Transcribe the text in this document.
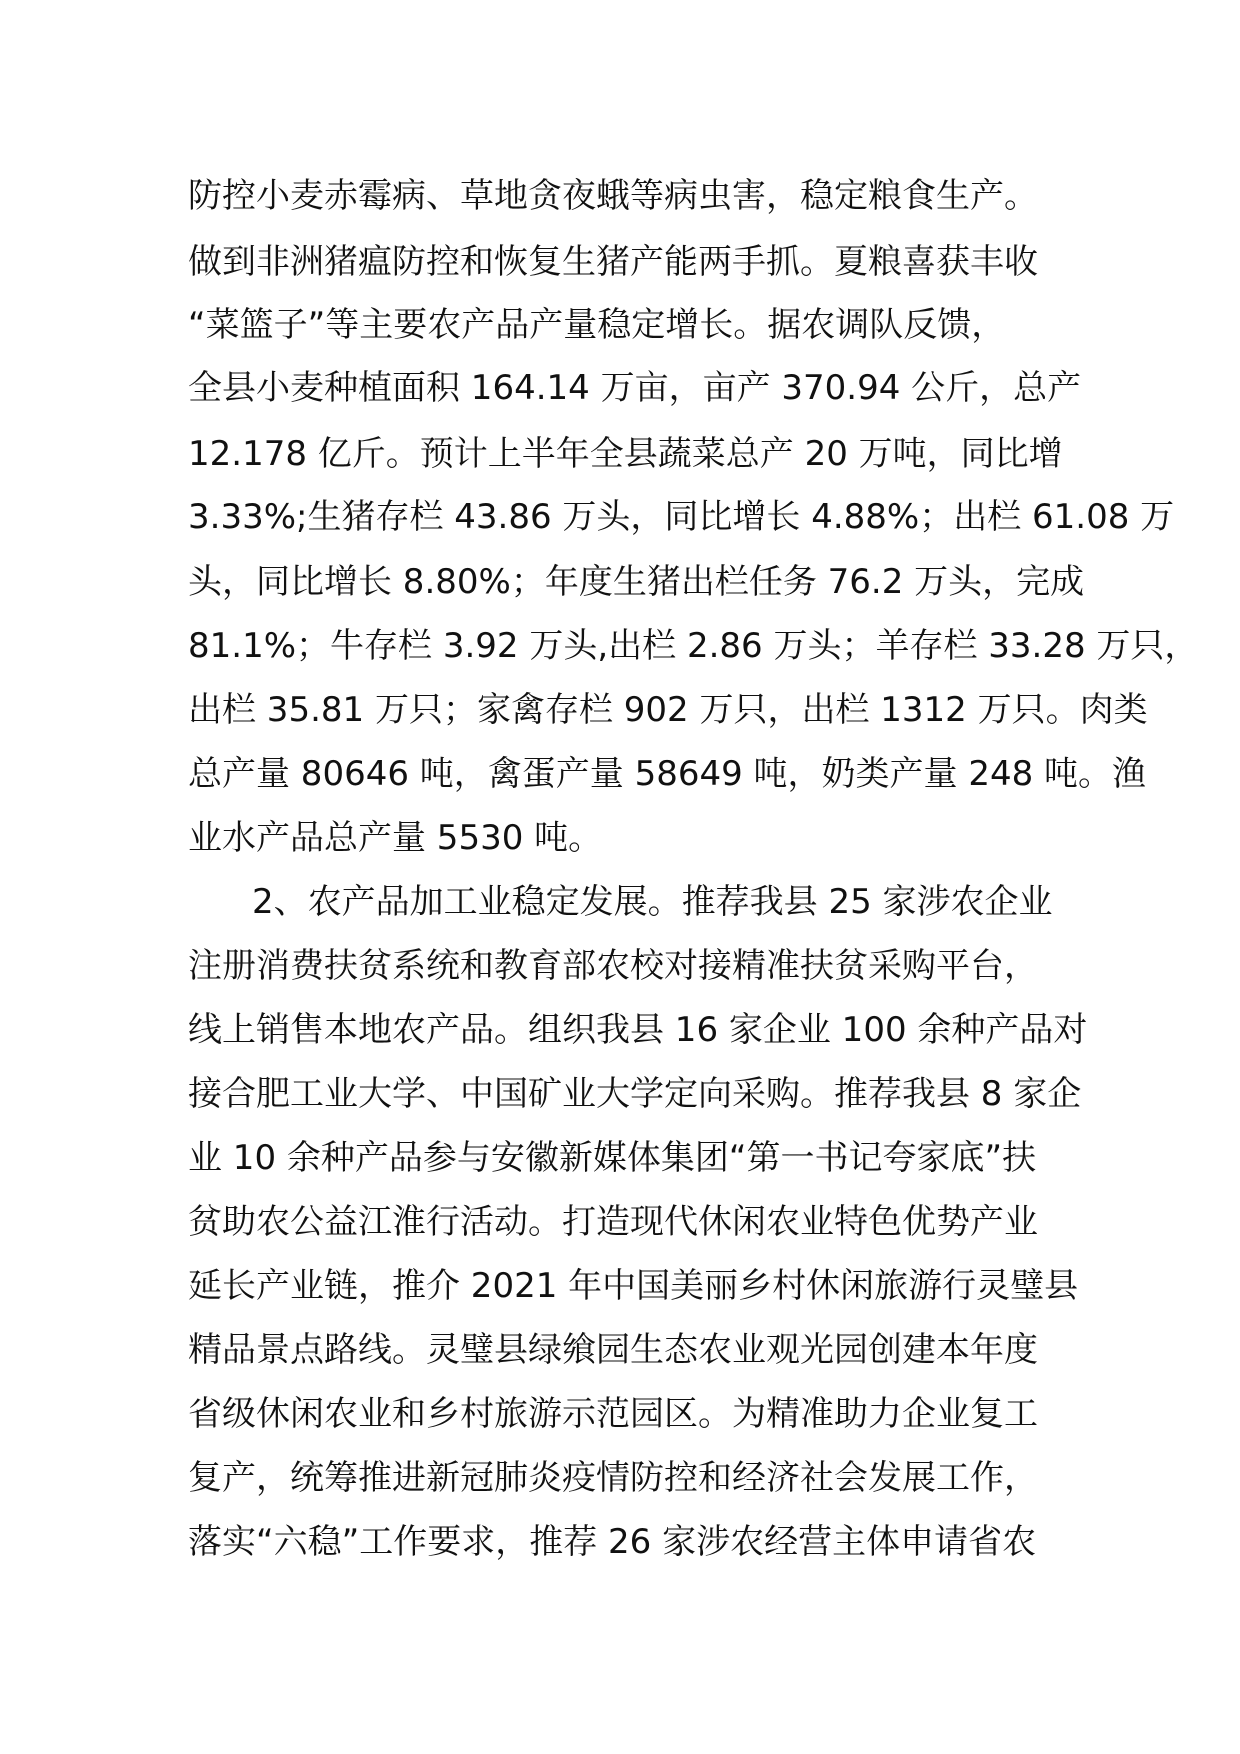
防控小麦赤霉病、草地贪夜蛾等病虫害，稳定粮食生产。

做到非洲猪瘟防控和恢复生猪产能两手抓。夏粮喜获丰收

“菜篮子”等主要农产品产量稳定增长。据农调队反馈，

全县小麦种植面积 164.14 万亩，亩产 370.94 公斤，总产

12.178 亿斤。预计上半年全县蔬菜总产 20 万吨，同比增

3.33%;生猪存栏 43.86 万头，同比增长 4.88%；出栏 61.08 万

头，同比增长 8.80%；年度生猪出栏任务 76.2 万头，完成

81.1%；牛存栏 3.92 万头,出栏 2.86 万头；羊存栏 33.28 万只，

出栏 35.81 万只；家禽存栏 902 万只，出栏 1312 万只。肉类

总产量 80646 吨，禽蛋产量 58649 吨，奶类产量 248 吨。渔

业水产品总产量 5530 吨。

2、农产品加工业稳定发展。推荐我县 25 家涉农企业

注册消费扶贫系统和教育部农校对接精准扶贫采购平台，

线上销售本地农产品。组织我县 16 家企业 100 余种产品对

接合肥工业大学、中国矿业大学定向采购。推荐我县 8 家企

业 10 余种产品参与安徽新媒体集团“第一书记夸家底”扶

贫助农公益江淮行活动。打造现代休闲农业特色优势产业

延长产业链，推介 2021 年中国美丽乡村休闲旅游行灵璧县

精品景点路线。灵璧县绿飨园生态农业观光园创建本年度

省级休闲农业和乡村旅游示范园区。为精准助力企业复工

复产，统筹推进新冠肺炎疫情防控和经济社会发展工作，

落实“六稳”工作要求，推荐 26 家涉农经营主体申请省农
